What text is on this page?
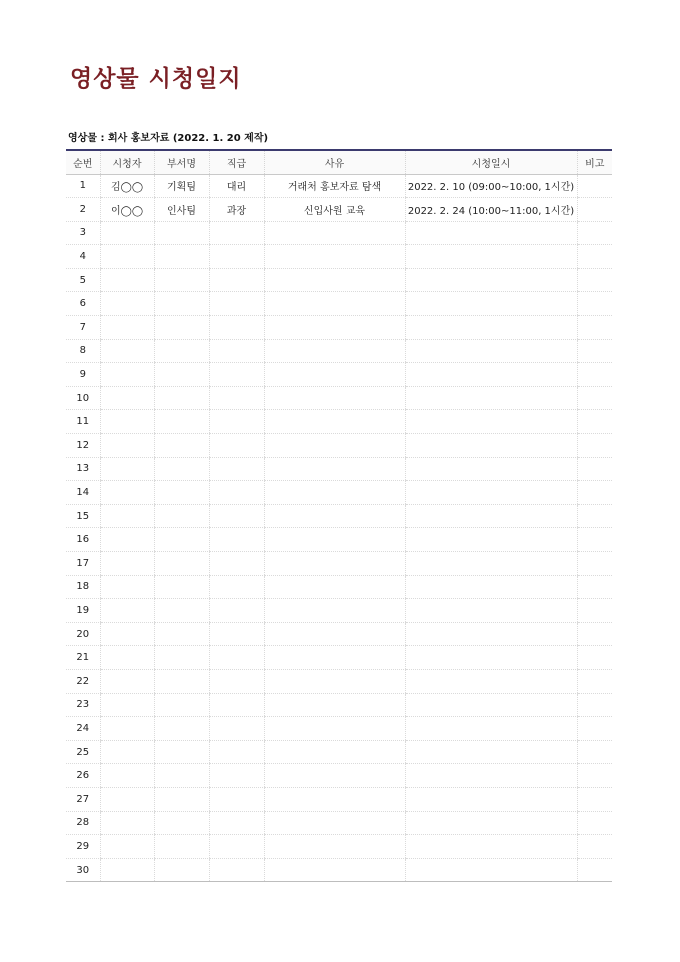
영상물 시청일지

영상물 : 회사 홍보자료 (2022. 1. 20 제작)

순번	시청자	부서명	직급	사유	시청일시	비고
1	김◯◯	기획팀	대리	거래처 홍보자료 탐색	2022. 2. 10 (09:00~10:00, 1시간)	
2	이◯◯	인사팀	과장	신입사원 교육	2022. 2. 24 (10:00~11:00, 1시간)	
3						
4						
5						
6						
7						
8						
9						
10						
11						
12						
13						
14						
15						
16						
17						
18						
19						
20						
21						
22						
23						
24						
25						
26						
27						
28						
29						
30						
